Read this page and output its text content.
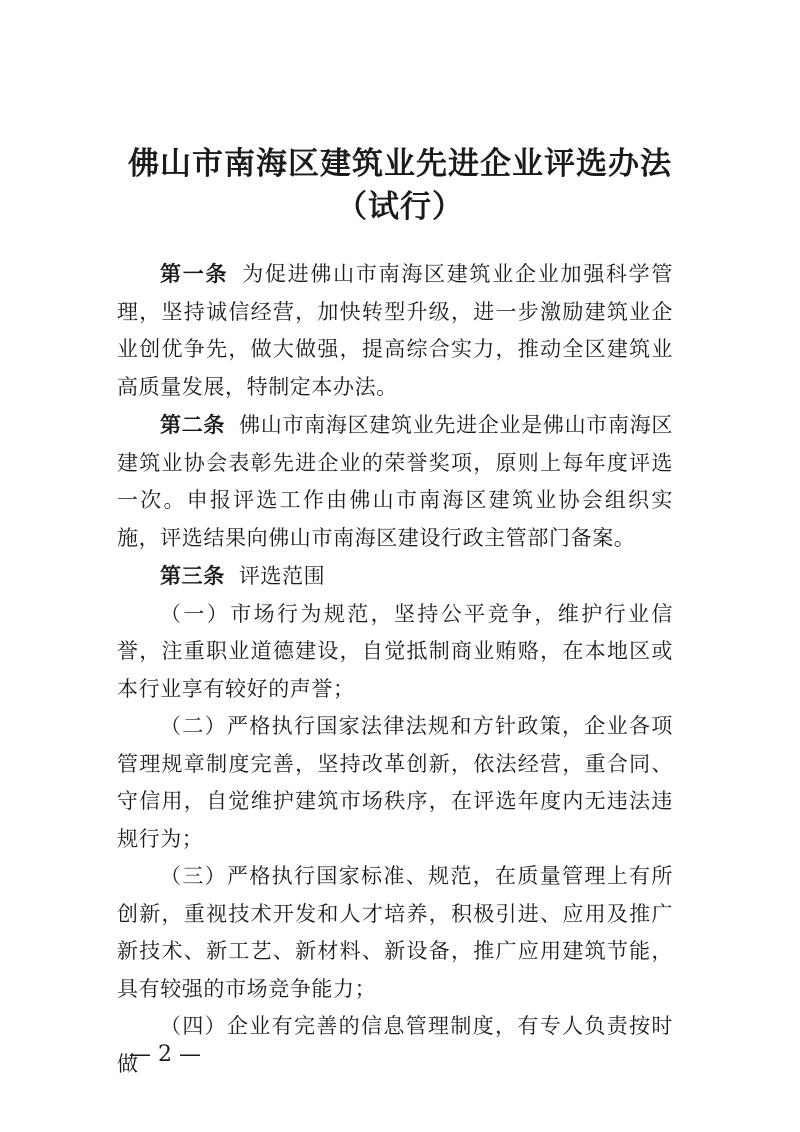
佛山市南海区建筑业先进企业评选办法
（试行）

第一条 为促进佛山市南海区建筑业企业加强科学管理，坚持诚信经营，加快转型升级，进一步激励建筑业企业创优争先，做大做强，提高综合实力，推动全区建筑业高质量发展，特制定本办法。

第二条 佛山市南海区建筑业先进企业是佛山市南海区建筑业协会表彰先进企业的荣誉奖项，原则上每年度评选一次。申报评选工作由佛山市南海区建筑业协会组织实施，评选结果向佛山市南海区建设行政主管部门备案。

第三条 评选范围

（一）市场行为规范，坚持公平竞争，维护行业信誉，注重职业道德建设，自觉抵制商业贿赂，在本地区或本行业享有较好的声誉；

（二）严格执行国家法律法规和方针政策，企业各项管理规章制度完善，坚持改革创新，依法经营，重合同、守信用，自觉维护建筑市场秩序，在评选年度内无违法违规行为；

（三）严格执行国家标准、规范，在质量管理上有所创新，重视技术开发和人才培养，积极引进、应用及推广新技术、新工艺、新材料、新设备，推广应用建筑节能，具有较强的市场竞争能力；

（四）企业有完善的信息管理制度，有专人负责按时做

— 2 —
